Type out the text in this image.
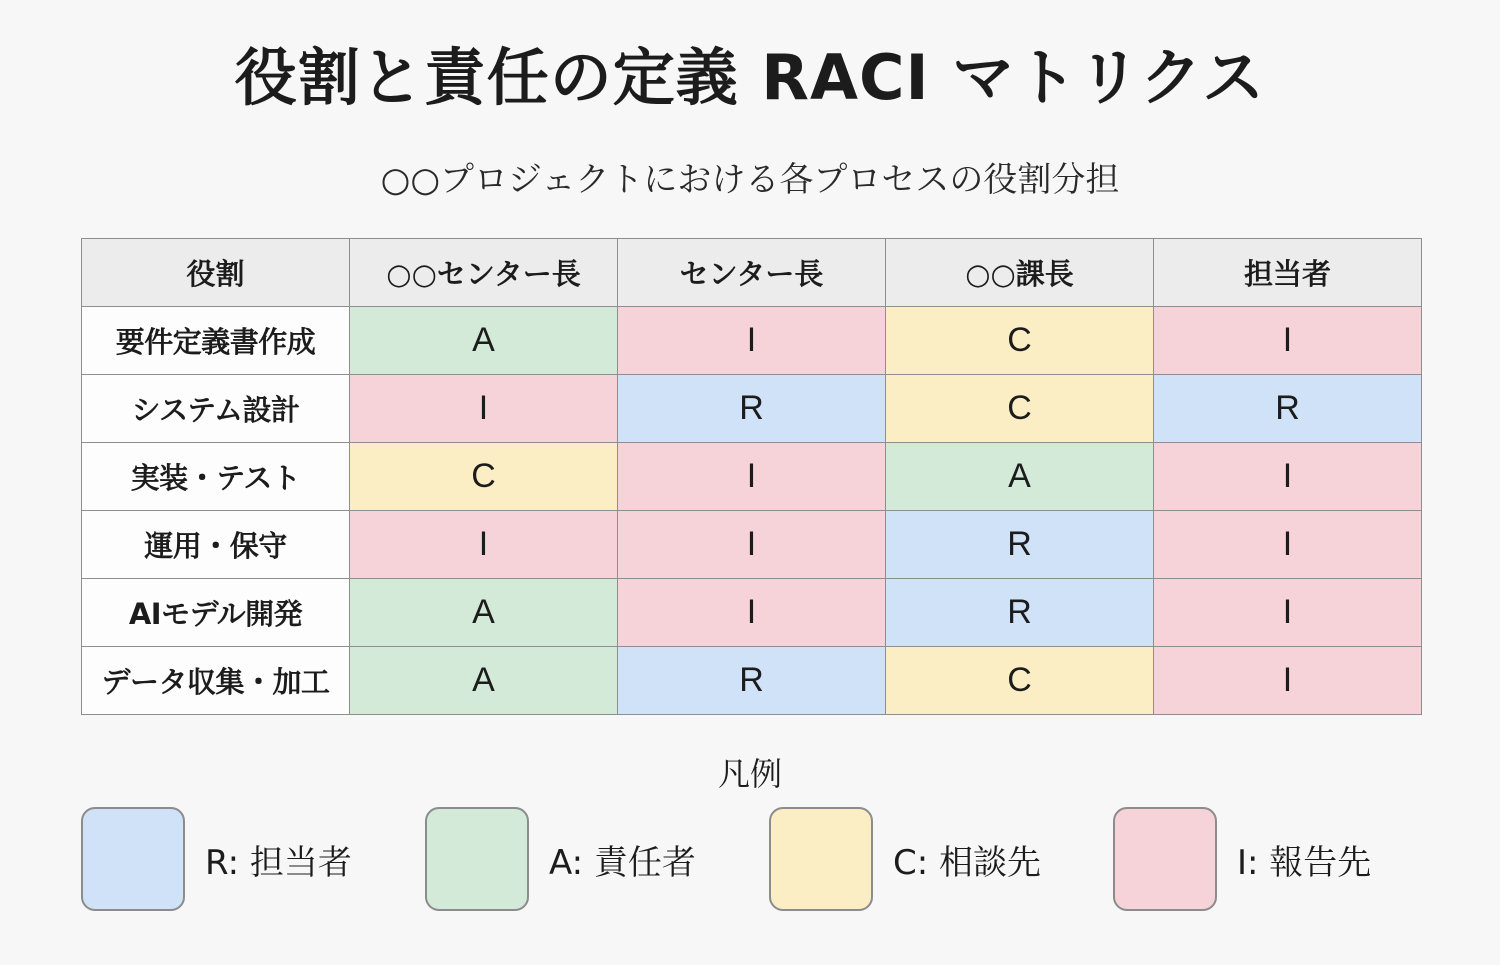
役割と責任の定義 RACI マトリクス
○○プロジェクトにおける各プロセスの役割分担
役割	○○センター長	センター長	○○課長	担当者
要件定義書作成	A	I	C	I
システム設計	I	R	C	R
実装・テスト	C	I	A	I
運用・保守	I	I	R	I
AIモデル開発	A	I	R	I
データ収集・加工	A	R	C	I
凡例
R: 担当者	A: 責任者	C: 相談先	I: 報告先
